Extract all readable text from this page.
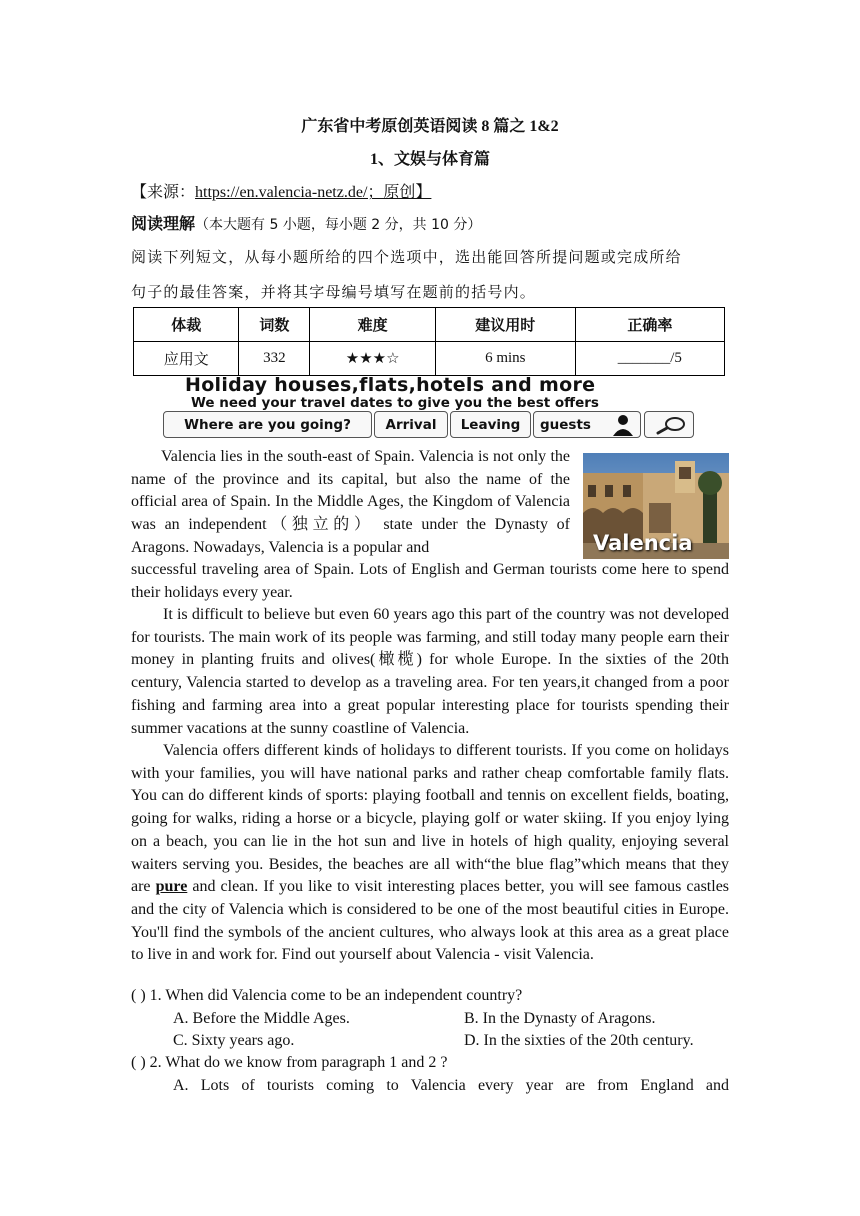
广东省中考原创英语阅读 8 篇之 1&2
1、文娱与体育篇
【来源：https://en.valencia-netz.de/；原创】
阅读理解（本大题有 5 小题，每小题 2 分，共 10 分）
阅读下列短文，从每小题所给的四个选项中，选出能回答所提问题或完成所给
句子的最佳答案，并将其字母编号填写在题前的括号内。
体裁	词数	难度	建议用时	正确率
应用文	332	★★★☆	6 mins	_______/5
Holiday houses,flats,hotels and more
We need your travel dates to give you the best offers
Where are you going?	Arrival	Leaving	guests
Valencia
Valencia lies in the south-east of Spain. Valencia is not only the name of the province and its capital, but also the name of the official area of Spain. In the Middle Ages, the Kingdom of Valencia was an independent（独立的） state under the Dynasty of Aragons. Nowadays, Valencia is a popular and
successful traveling area of Spain. Lots of English and German tourists come here to spend their holidays every year.
It is difficult to believe but even 60 years ago this part of the country was not developed for tourists. The main work of its people was farming, and still today many people earn their money in planting fruits and olives(橄榄) for whole Europe. In the sixties of the 20th century, Valencia started to develop as a traveling area. For ten years,it changed from a poor fishing and farming area into a great popular interesting place for tourists spending their summer vacations at the sunny coastline of Valencia.
Valencia offers different kinds of holidays to different tourists. If you come on holidays with your families, you will have national parks and rather cheap comfortable family flats. You can do different kinds of sports: playing football and tennis on excellent fields, boating, going for walks, riding a horse or a bicycle, playing golf or water skiing. If you enjoy lying on a beach, you can lie in the hot sun and live in hotels of high quality, enjoying several waiters serving you. Besides, the beaches are all with“the blue flag”which means that they are pure and clean. If you like to visit interesting places better, you will see famous castles and the city of Valencia which is considered to be one of the most beautiful cities in Europe. You'll find the symbols of the ancient cultures, who always look at this area as a great place to live in and work for. Find out yourself about Valencia - visit Valencia.
( ) 1. When did Valencia come to be an independent country?
A. Before the Middle Ages.	B. In the Dynasty of Aragons.
C. Sixty years ago.	D. In the sixties of the 20th century.
( ) 2. What do we know from paragraph 1 and 2 ?
A. Lots of tourists coming to Valencia every year are from England and
